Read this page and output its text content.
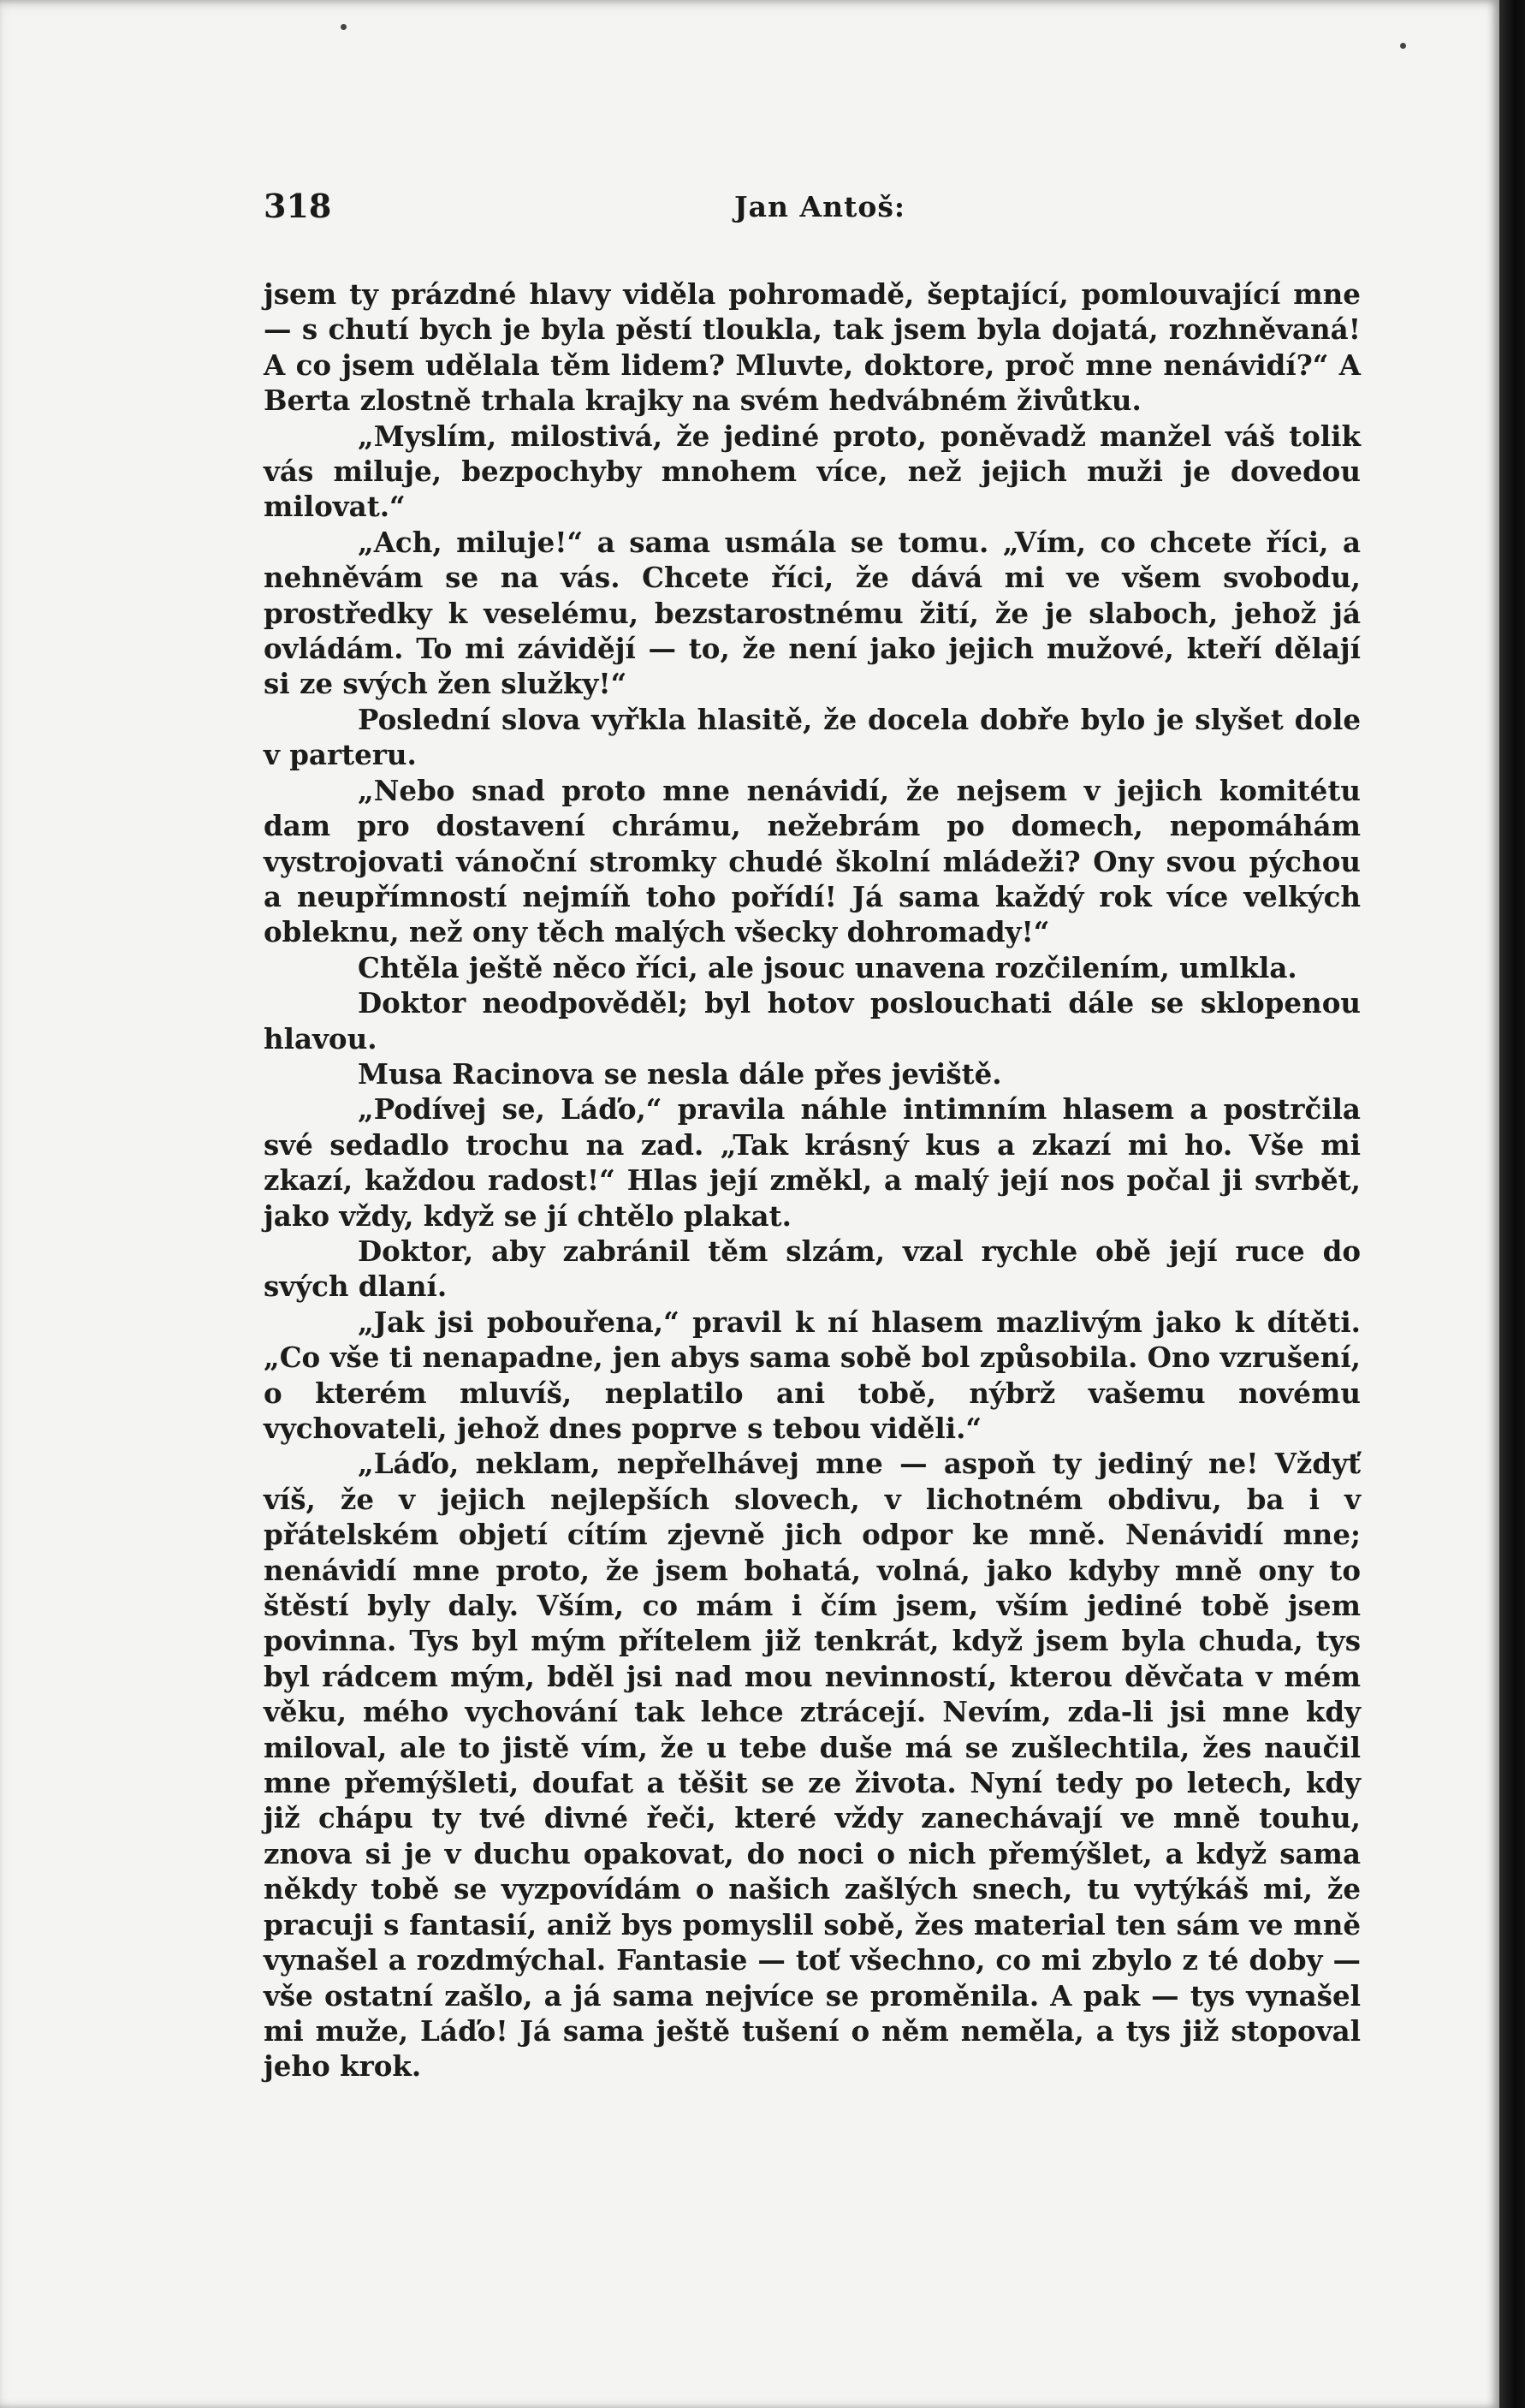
318	Jan Antoš:

jsem ty prázdné hlavy viděla pohromadě, šeptající, pomlouvající mne — s chutí bych je byla pěstí tloukla, tak jsem byla dojatá, rozhněvaná! A co jsem udělala těm lidem? Mluvte, doktore, proč mne nenávidí?“ A Berta zlostně trhala krajky na svém hedvábném živůtku.

„Myslím, milostivá, že jediné proto, poněvadž manžel váš tolik vás miluje, bezpochyby mnohem více, než jejich muži je dovedou milovat.“

„Ach, miluje!“ a sama usmála se tomu. „Vím, co chcete říci, a nehněvám se na vás. Chcete říci, že dává mi ve všem svobodu, prostředky k veselému, bezstarostnému žití, že je slaboch, jehož já ovládám. To mi závidějí — to, že není jako jejich mužové, kteří dělají si ze svých žen služky!“

Poslední slova vyřkla hlasitě, že docela dobře bylo je slyšet dole v parteru.

„Nebo snad proto mne nenávidí, že nejsem v jejich komitétu dam pro dostavení chrámu, nežebrám po domech, nepomáhám vystrojovati vánoční stromky chudé školní mládeži? Ony svou pýchou a neupřímností nejmíň toho pořídí! Já sama každý rok více velkých obleknu, než ony těch malých všecky dohromady!“

Chtěla ještě něco říci, ale jsouc unavena rozčilením, umlkla.

Doktor neodpověděl; byl hotov poslouchati dále se sklopenou hlavou.

Musa Racinova se nesla dále přes jeviště.

„Podívej se, Láďo,“ pravila náhle intimním hlasem a postrčila své sedadlo trochu na zad. „Tak krásný kus a zkazí mi ho. Vše mi zkazí, každou radost!“ Hlas její změkl, a malý její nos počal ji svrbět, jako vždy, když se jí chtělo plakat.

Doktor, aby zabránil těm slzám, vzal rychle obě její ruce do svých dlaní.

„Jak jsi pobouřena,“ pravil k ní hlasem mazlivým jako k dítěti. „Co vše ti nenapadne, jen abys sama sobě bol způsobila. Ono vzrušení, o kterém mluvíš, neplatilo ani tobě, nýbrž vašemu novému vychovateli, jehož dnes poprve s tebou viděli.“

„Láďo, neklam, nepřelhávej mne — aspoň ty jediný ne! Vždyť víš, že v jejich nejlepších slovech, v lichotném obdivu, ba i v přátelském objetí cítím zjevně jich odpor ke mně. Nenávidí mne; nenávidí mne proto, že jsem bohatá, volná, jako kdyby mně ony to štěstí byly daly. Vším, co mám i čím jsem, vším jediné tobě jsem povinna. Tys byl mým přítelem již tenkrát, když jsem byla chuda, tys byl rádcem mým, bděl jsi nad mou nevinností, kterou děvčata v mém věku, mého vychování tak lehce ztrácejí. Nevím, zda-li jsi mne kdy miloval, ale to jistě vím, že u tebe duše má se zušlechtila, žes naučil mne přemýšleti, doufat a těšit se ze života. Nyní tedy po letech, kdy již chápu ty tvé divné řeči, které vždy zanechávají ve mně touhu, znova si je v duchu opakovat, do noci o nich přemýšlet, a když sama někdy tobě se vyzpovídám o našich zašlých snech, tu vytýkáš mi, že pracuji s fantasií, aniž bys pomyslil sobě, žes material ten sám ve mně vynašel a rozdmýchal. Fantasie — toť všechno, co mi zbylo z té doby — vše ostatní zašlo, a já sama nejvíce se proměnila. A pak — tys vynašel mi muže, Láďo! Já sama ještě tušení o něm neměla, a tys již stopoval jeho krok.
